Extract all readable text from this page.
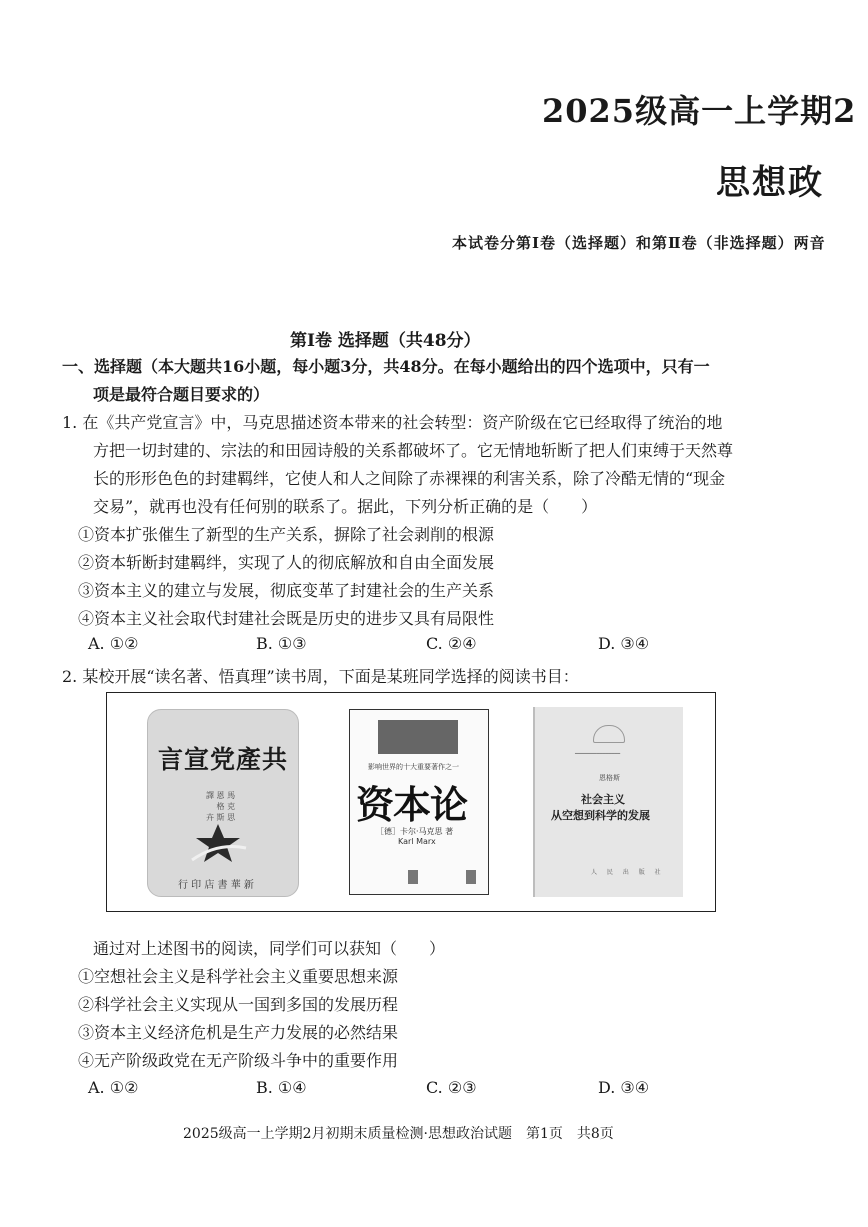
2025级高一上学期2
思想政
本试卷分第Ⅰ卷（选择题）和第Ⅱ卷（非选择题）两音
第Ⅰ卷 选择题（共48分）
一、选择题（本大题共16小题，每小题3分，共48分。在每小题给出的四个选项中，只有一
项是最符合题目要求的）
1. 在《共产党宣言》中，马克思描述资本带来的社会转型：资产阶级在它已经取得了统治的地
方把一切封建的、宗法的和田园诗般的关系都破坏了。它无情地斩断了把人们束缚于天然尊
长的形形色色的封建羁绊，它使人和人之间除了赤裸裸的利害关系，除了冷酷无情的“现金
交易”，就再也没有任何别的联系了。据此，下列分析正确的是（　　）
①资本扩张催生了新型的生产关系，摒除了社会剥削的根源
②资本斩断封建羁绊，实现了人的彻底解放和自由全面发展
③资本主义的建立与发展，彻底变革了封建社会的生产关系
④资本主义社会取代封建社会既是历史的进步又具有局限性
A. ①②	B. ①③	C. ②④	D. ③④
2. 某校开展“读名著、悟真理”读书周，下面是某班同学选择的阅读书目：
言宣党產共
譯 恩 馬
　 格 克
卉 斯 思
行 印 店 書 華 新
影响世界的十大重要著作之一
资本论
［德］卡尔·马克思 著
Karl Marx
━━━━━━━━━━━━━━━
恩格斯
社会主义
从空想到科学的发展
人 民 出 版 社
通过对上述图书的阅读，同学们可以获知（　　）
①空想社会主义是科学社会主义重要思想来源
②科学社会主义实现从一国到多国的发展历程
③资本主义经济危机是生产力发展的必然结果
④无产阶级政党在无产阶级斗争中的重要作用
A. ①②	B. ①④	C. ②③	D. ③④
2025级高一上学期2月初期末质量检测·思想政治试题　第1页　共8页
